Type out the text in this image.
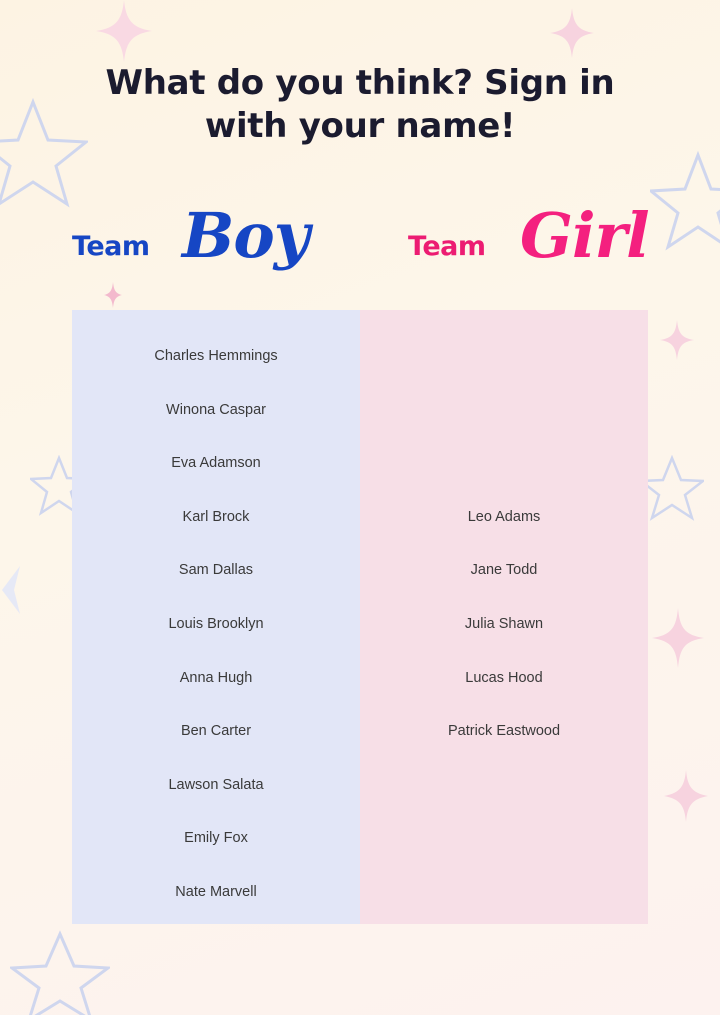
What do you think? Sign in
with your name!
Team Boy	Team Girl
Charles Hemmings
Winona Caspar
Eva Adamson
Karl Brock
Sam Dallas
Louis Brooklyn
Anna Hugh
Ben Carter
Lawson Salata
Emily Fox
Nate Marvell
Leo Adams
Jane Todd
Julia Shawn
Lucas Hood
Patrick Eastwood
